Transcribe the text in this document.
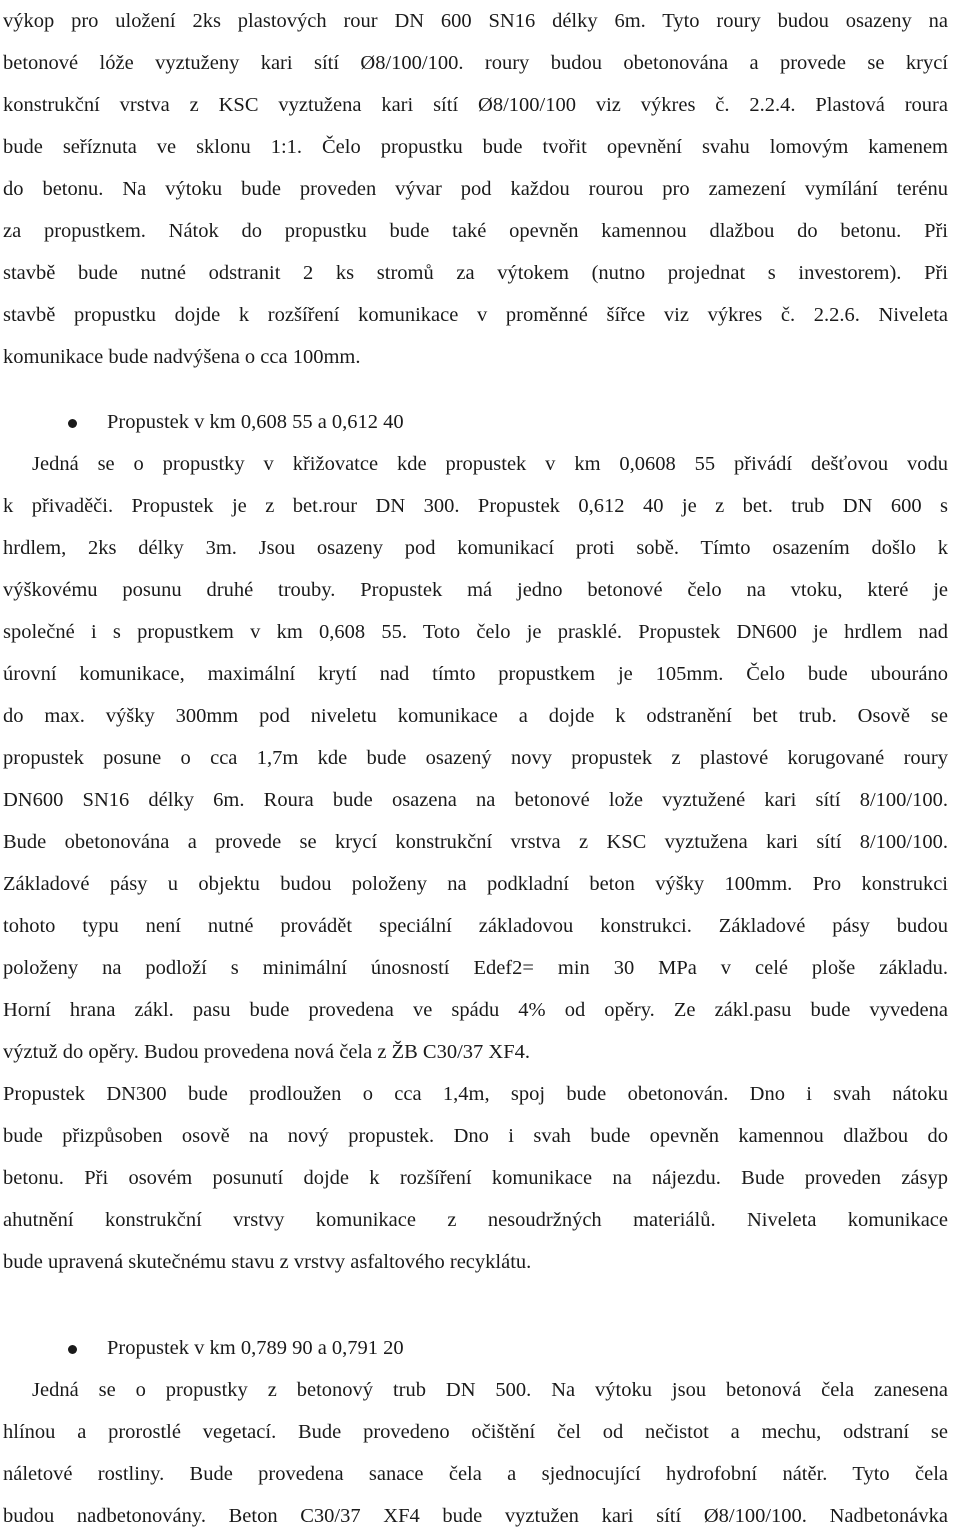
výkop pro uložení 2ks plastových rour DN 600 SN16 délky 6m. Tyto roury budou osazeny na
betonové lóže vyztuženy kari sítí Ø8/100/100. roury budou obetonována a provede se krycí
konstrukční vrstva z KSC vyztužena kari sítí Ø8/100/100 viz výkres č. 2.2.4. Plastová roura
bude seříznuta ve sklonu 1:1. Čelo propustku bude tvořit opevnění svahu lomovým kamenem
do betonu. Na výtoku bude proveden vývar pod každou rourou pro zamezení vymílání terénu
za propustkem. Nátok do propustku bude také opevněn kamennou dlažbou do betonu. Při
stavbě bude nutné odstranit 2 ks stromů za výtokem (nutno projednat s investorem). Při
stavbě propustku dojde k rozšíření komunikace v proměnné šířce viz výkres č. 2.2.6. Niveleta
komunikace bude nadvýšena o cca 100mm.
Propustek v km 0,608 55 a 0,612 40
Jedná se o propustky v křižovatce kde propustek v km 0,0608 55 přivádí dešťovou vodu
k přivaděči. Propustek je z bet.rour DN 300. Propustek 0,612 40 je z bet. trub DN 600 s
hrdlem, 2ks délky 3m. Jsou osazeny pod komunikací proti sobě. Tímto osazením došlo k
výškovému posunu druhé trouby. Propustek má jedno betonové čelo na vtoku, které je
společné i s propustkem v km 0,608 55. Toto čelo je prasklé. Propustek DN600 je hrdlem nad
úrovní komunikace, maximální krytí nad tímto propustkem je 105mm. Čelo bude ubouráno
do max. výšky 300mm pod niveletu komunikace a dojde k odstranění bet trub. Osově se
propustek posune o cca 1,7m kde bude osazený novy propustek z plastové korugované roury
DN600 SN16 délky 6m. Roura bude osazena na betonové lože vyztužené kari sítí 8/100/100.
Bude obetonována a provede se krycí konstrukční vrstva z KSC vyztužena kari sítí 8/100/100.
Základové pásy u objektu budou položeny na podkladní beton výšky 100mm. Pro konstrukci
tohoto typu není nutné provádět speciální základovou konstrukci. Základové pásy budou
položeny na podloží s minimální únosností Edef2= min 30 MPa v celé ploše základu.
Horní hrana zákl. pasu bude provedena ve spádu 4% od opěry. Ze zákl.pasu bude vyvedena
výztuž do opěry. Budou provedena nová čela z ŽB C30/37 XF4.
Propustek DN300 bude prodloužen o cca 1,4m, spoj bude obetonován. Dno i svah nátoku
bude přizpůsoben osově na nový propustek. Dno i svah bude opevněn kamennou dlažbou do
betonu. Při osovém posunutí dojde k rozšíření komunikace na nájezdu. Bude proveden zásyp
ahutnění konstrukční vrstvy komunikace z nesoudržných materiálů. Niveleta komunikace
bude upravená skutečnému stavu z vrstvy asfaltového recyklátu.
Propustek v km 0,789 90 a 0,791 20
Jedná se o propustky z betonový trub DN 500. Na výtoku jsou betonová čela zanesena
hlínou a prorostlé vegetací. Bude provedeno očištění čel od nečistot a mechu, odstraní se
náletové rostliny. Bude provedena sanace čela a sjednocující hydrofobní nátěr. Tyto čela
budou nadbetonovány. Beton C30/37 XF4 bude vyztužen kari sítí Ø8/100/100. Nadbetonávka
